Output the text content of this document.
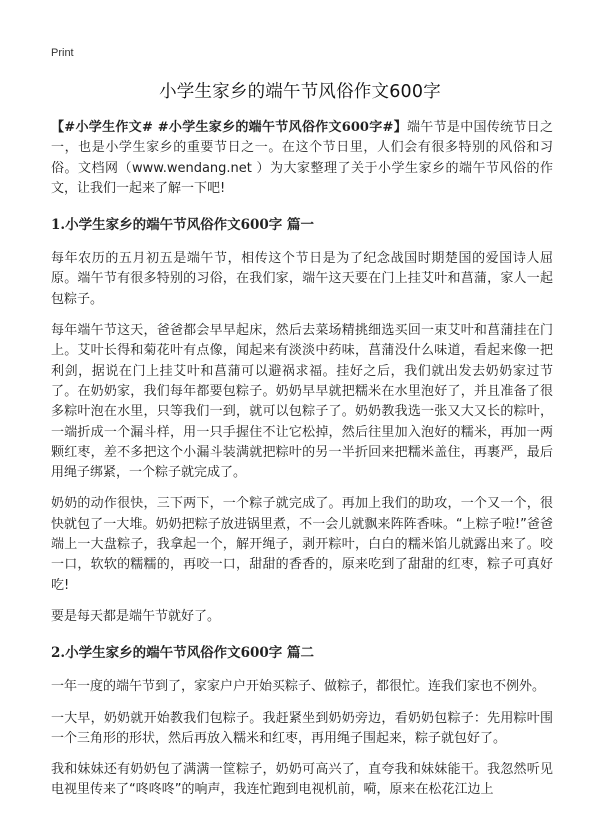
Print
小学生家乡的端午节风俗作文600字

【#小学生作文# #小学生家乡的端午节风俗作文600字#】端午节是中国传统节日之一，也是小学生家乡的重要节日之一。在这个节日里，人们会有很多特别的风俗和习俗。文档网（www.wendang.net ）为大家整理了关于小学生家乡的端午节风俗的作文，让我们一起来了解一下吧!

1.小学生家乡的端午节风俗作文600字 篇一

每年农历的五月初五是端午节，相传这个节日是为了纪念战国时期楚国的爱国诗人屈原。端午节有很多特别的习俗，在我们家，端午这天要在门上挂艾叶和菖蒲，家人一起包粽子。

每年端午节这天，爸爸都会早早起床，然后去菜场精挑细选买回一束艾叶和菖蒲挂在门上。艾叶长得和菊花叶有点像，闻起来有淡淡中药味，菖蒲没什么味道，看起来像一把利剑，据说在门上挂艾叶和菖蒲可以避祸求福。挂好之后，我们就出发去奶奶家过节了。在奶奶家，我们每年都要包粽子。奶奶早早就把糯米在水里泡好了，并且准备了很多粽叶泡在水里，只等我们一到，就可以包粽子了。奶奶教我选一张又大又长的粽叶，一端折成一个漏斗样，用一只手握住不让它松掉，然后往里加入泡好的糯米，再加一两颗红枣，差不多把这个小漏斗装满就把粽叶的另一半折回来把糯米盖住，再裹严，最后用绳子绑紧，一个粽子就完成了。

奶奶的动作很快，三下两下，一个粽子就完成了。再加上我们的助攻，一个又一个，很快就包了一大堆。奶奶把粽子放进锅里煮，不一会儿就飘来阵阵香味。“上粽子啦!”爸爸端上一大盘粽子，我拿起一个，解开绳子，剥开粽叶，白白的糯米馅儿就露出来了。咬一口，软软的糯糯的，再咬一口，甜甜的香香的，原来吃到了甜甜的红枣，粽子可真好吃!

要是每天都是端午节就好了。

2.小学生家乡的端午节风俗作文600字 篇二

一年一度的端午节到了，家家户户开始买粽子、做粽子，都很忙。连我们家也不例外。

一大早，奶奶就开始教我们包粽子。我赶紧坐到奶奶旁边，看奶奶包粽子：先用粽叶围一个三角形的形状，然后再放入糯米和红枣，再用绳子围起来，粽子就包好了。

我和妹妹还有奶奶包了满满一筐粽子，奶奶可高兴了，直夸我和妹妹能干。我忽然听见电视里传来了“咚咚咚”的响声，我连忙跑到电视机前，嗬，原来在松花江边上
